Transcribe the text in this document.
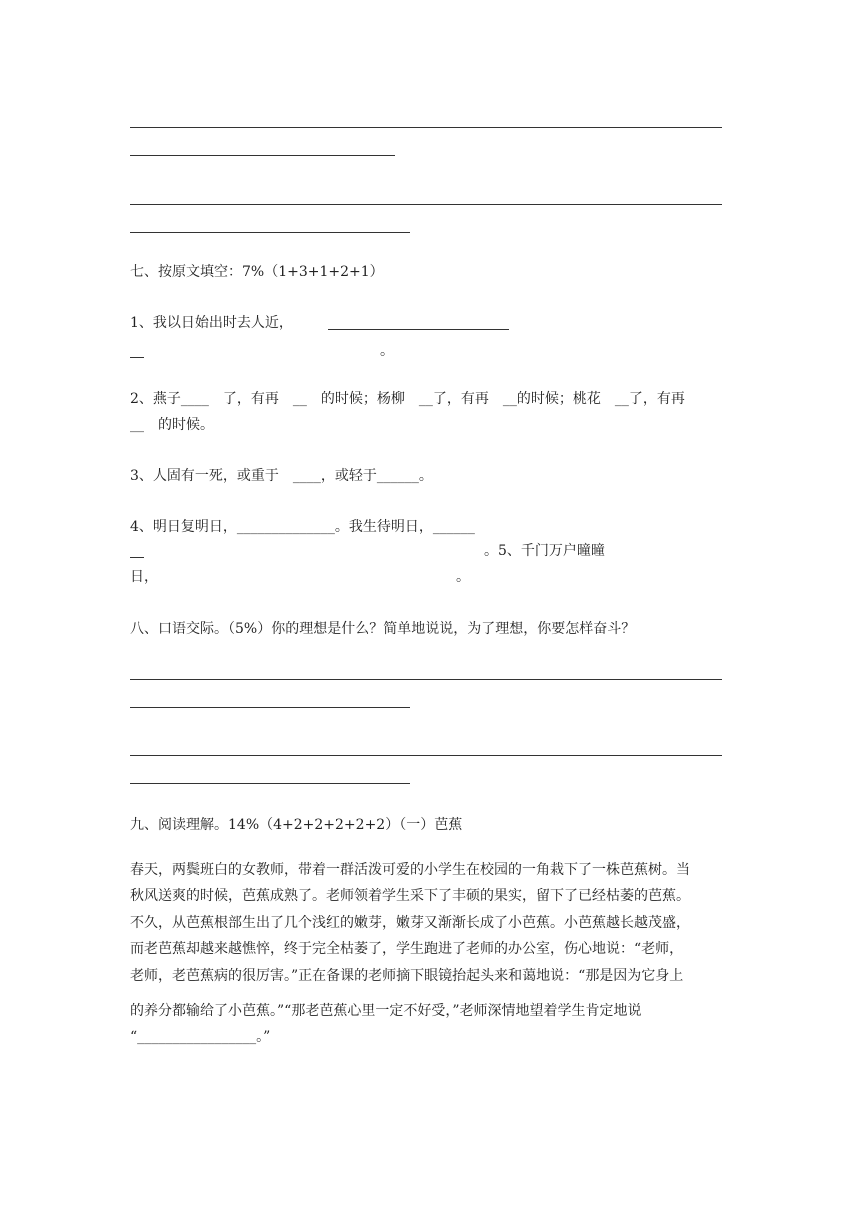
七、按原文填空：7%（1+3+1+2+1）
1、我以日始出时去人近，
。
2、燕子____　了，有再　__　的时候；杨柳　__了，有再　__的时候；桃花　__了，有再
__　的时候。
3、人固有一死，或重于　____，或轻于______。
4、明日复明日，______________。我生待明日，______
。5、千门万户曈曈
日，	。
八、口语交际。（5%）你的理想是什么？简单地说说，为了理想，你要怎样奋斗？
九、阅读理解。14%（4+2+2+2+2+2）（一）芭蕉
春天，两鬓班白的女教师，带着一群活泼可爱的小学生在校园的一角栽下了一株芭蕉树。当
秋风送爽的时候，芭蕉成熟了。老师领着学生采下了丰硕的果实，留下了已经枯萎的芭蕉。
不久，从芭蕉根部生出了几个浅红的嫩芽，嫩芽又渐渐长成了小芭蕉。小芭蕉越长越茂盛，
而老芭蕉却越来越憔悴，终于完全枯萎了，学生跑进了老师的办公室，伤心地说：“老师，
老师，老芭蕉病的很厉害。”正在备课的老师摘下眼镜抬起头来和蔼地说：“那是因为它身上
的养分都输给了小芭蕉。”“那老芭蕉心里一定不好受，”老师深情地望着学生肯定地说
“_________________。”
